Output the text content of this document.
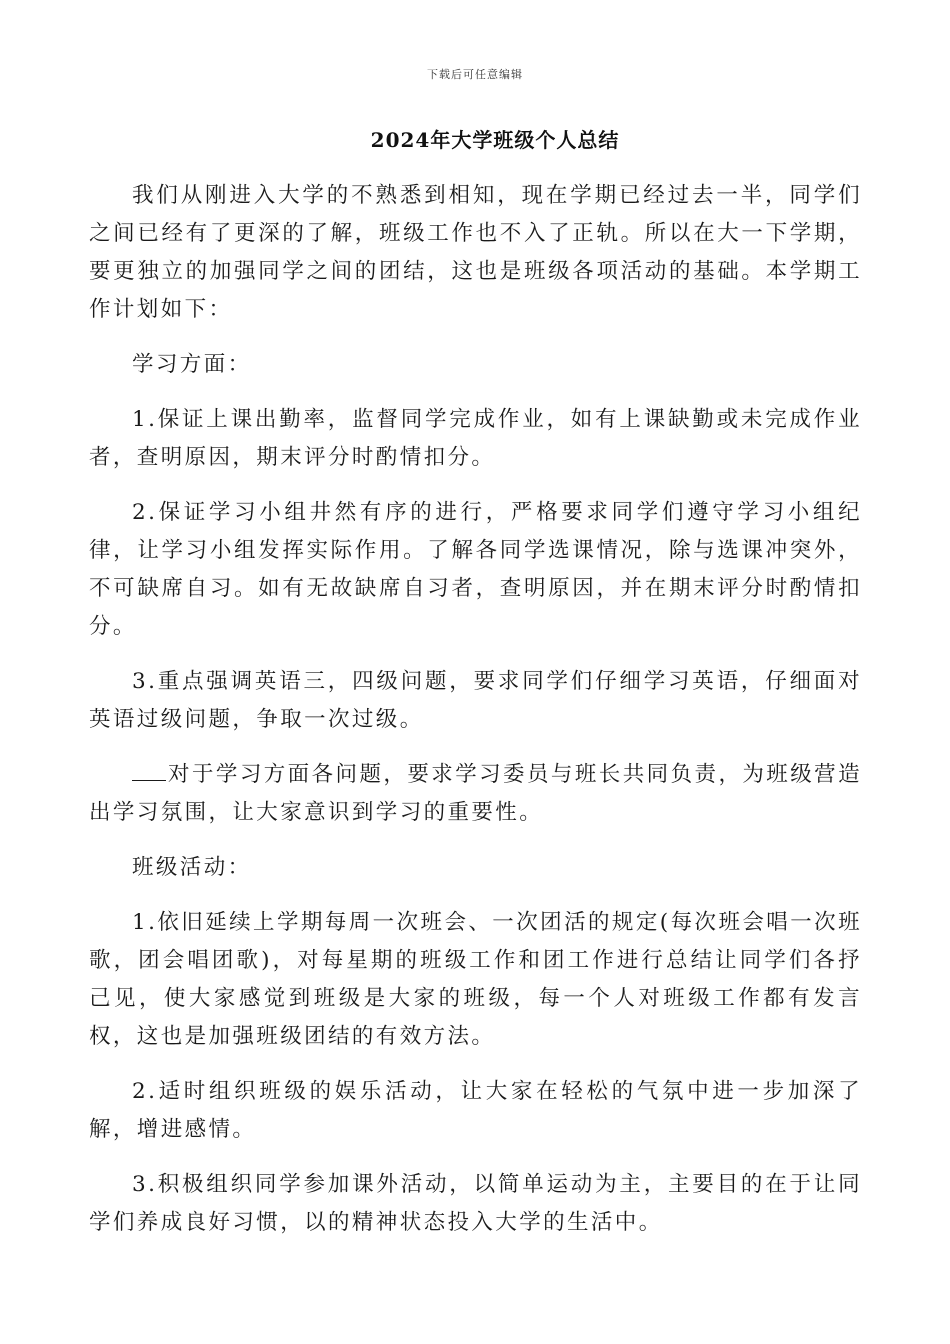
下载后可任意编辑
2024年大学班级个人总结

我们从刚进入大学的不熟悉到相知，现在学期已经过去一半，同学们之间已经有了更深的了解，班级工作也不入了正轨。所以在大一下学期，要更独立的加强同学之间的团结，这也是班级各项活动的基础。本学期工作计划如下：

学习方面：

1.保证上课出勤率，监督同学完成作业，如有上课缺勤或未完成作业者，查明原因，期末评分时酌情扣分。

2.保证学习小组井然有序的进行，严格要求同学们遵守学习小组纪律，让学习小组发挥实际作用。了解各同学选课情况，除与选课冲突外，不可缺席自习。如有无故缺席自习者，查明原因，并在期末评分时酌情扣分。

3.重点强调英语三，四级问题，要求同学们仔细学习英语，仔细面对英语过级问题，争取一次过级。

对于学习方面各问题，要求学习委员与班长共同负责，为班级营造出学习氛围，让大家意识到学习的重要性。

班级活动：

1.依旧延续上学期每周一次班会、一次团活的规定(每次班会唱一次班歌，团会唱团歌)，对每星期的班级工作和团工作进行总结让同学们各抒己见，使大家感觉到班级是大家的班级，每一个人对班级工作都有发言权，这也是加强班级团结的有效方法。

2.适时组织班级的娱乐活动，让大家在轻松的气氛中进一步加深了解，增进感情。

3.积极组织同学参加课外活动，以简单运动为主，主要目的在于让同学们养成良好习惯，以的精神状态投入大学的生活中。
